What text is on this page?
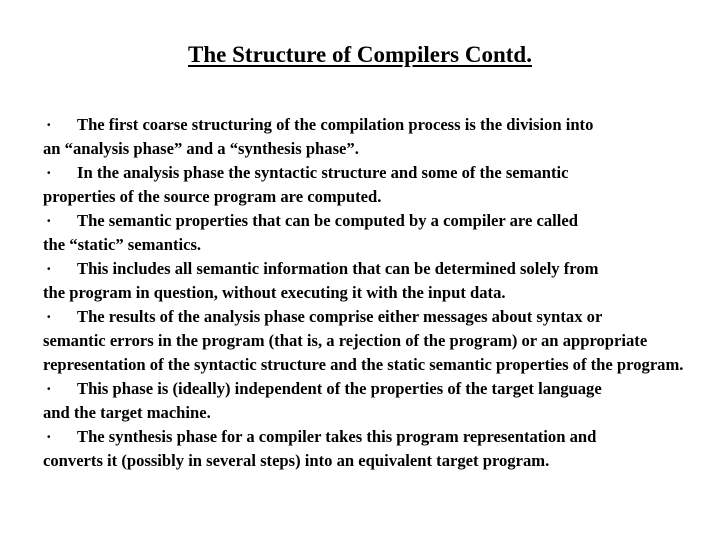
The Structure of Compilers Contd.
· The first coarse structuring of the compilation process is the division into
an “analysis phase” and a “synthesis phase”.
· In the analysis phase the syntactic structure and some of the semantic
properties of the source program are computed.
· The semantic properties that can be computed by a compiler are called
the “static” semantics.
· This includes all semantic information that can be determined solely from
the program in question, without executing it with the input data.
· The results of the analysis phase comprise either messages about syntax or
semantic errors in the program (that is, a rejection of the program) or an appropriate representation of the syntactic structure and the static semantic properties of the program.
· This phase is (ideally) independent of the properties of the target language
and the target machine.
· The synthesis phase for a compiler takes this program representation and
converts it (possibly in several steps) into an equivalent target program.
